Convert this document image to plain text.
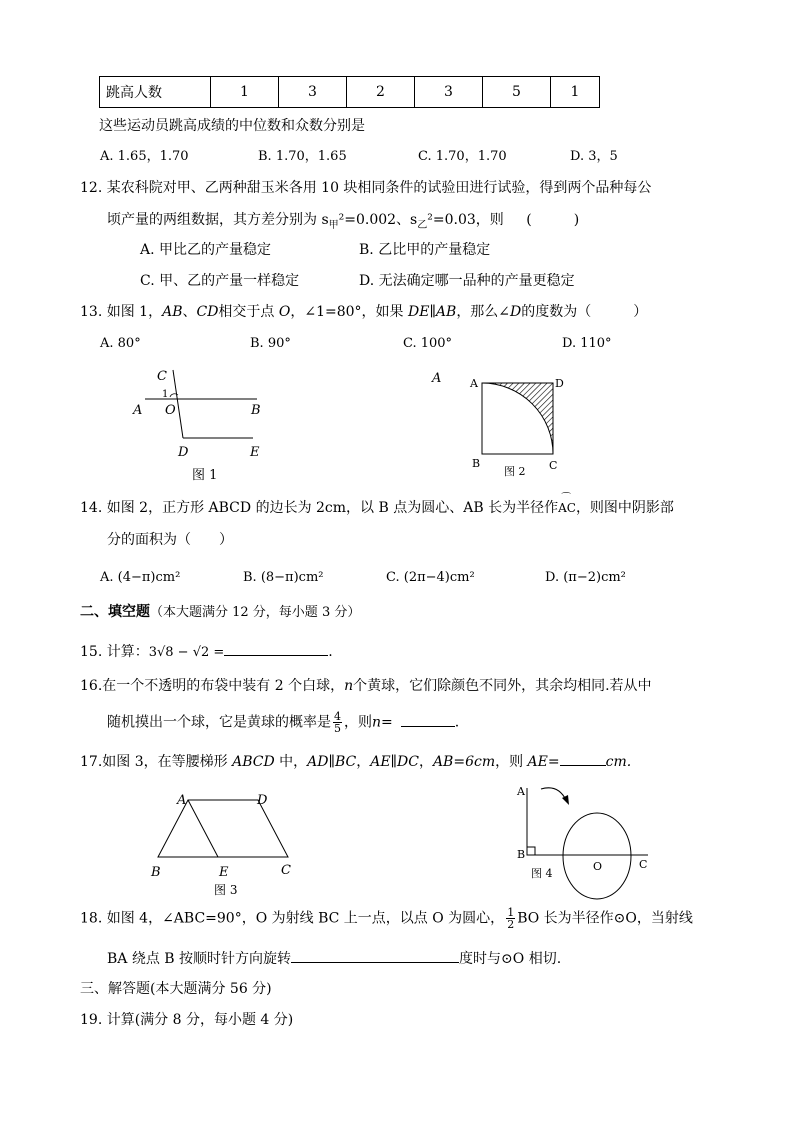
跳高人数	1	3	2	3	5	1
这些运动员跳高成绩的中位数和众数分别是
A. 1.65，1.70	B. 1.70，1.65	C. 1.70，1.70	D. 3，5
12. 某农科院对甲、乙两种甜玉米各用 10 块相同条件的试验田进行试验，得到两个品种每公
顷产量的两组数据，其方差分别为 $s_甲^2=0.002$、$s_乙^2=0.03$，则 (	)
A. 甲比乙的产量稳定	B. 乙比甲的产量稳定
C. 甲、乙的产量一样稳定	D. 无法确定哪一品种的产量更稳定
13. 如图 1，AB、CD相交于点 O，∠1=80°，如果 DE∥AB，那么∠D的度数为（	）
A. 80°	B. 90°	C. 100°	D. 110°
C
1
A O	B
D	E
图 1
A	A	D
B	C
图 2
14. 如图 2，正方形 ABCD 的边长为 2cm，以 B 点为圆心、AB 长为半径作
⌒
AC，则图中阴影部
分的面积为（　　）
A. (4−π)cm²	B. (8−π)cm²	C. (2π−4)cm²	D. (π−2)cm²
二、填空题（本大题满分 12 分，每小题 3 分）
15. 计算：3√8 − √2 =	.
16.在一个不透明的布袋中装有 2 个白球，n个黄球，它们除颜色不同外，其余均相同.若从中
随机摸出一个球，它是黄球的概率是 $\frac{4}{5}$ ，则n=	.
17.如图 3，在等腰梯形 ABCD 中，AD∥BC，AE∥DC，AB=6cm，则 AE=	cm.
A	D
B	E	C
图 3
A
B
O	C
图 4
18. 如图 4，∠ABC=90°，O 为射线 BC 上一点，以点 O 为圆心， $\frac{1}{2}$ BO 长为半径作⊙O，当射线
BA 绕点 B 按顺时针方向旋转	度时与⊙O 相切.
三、解答题(本大题满分 56 分)
19. 计算(满分 8 分，每小题 4 分)
